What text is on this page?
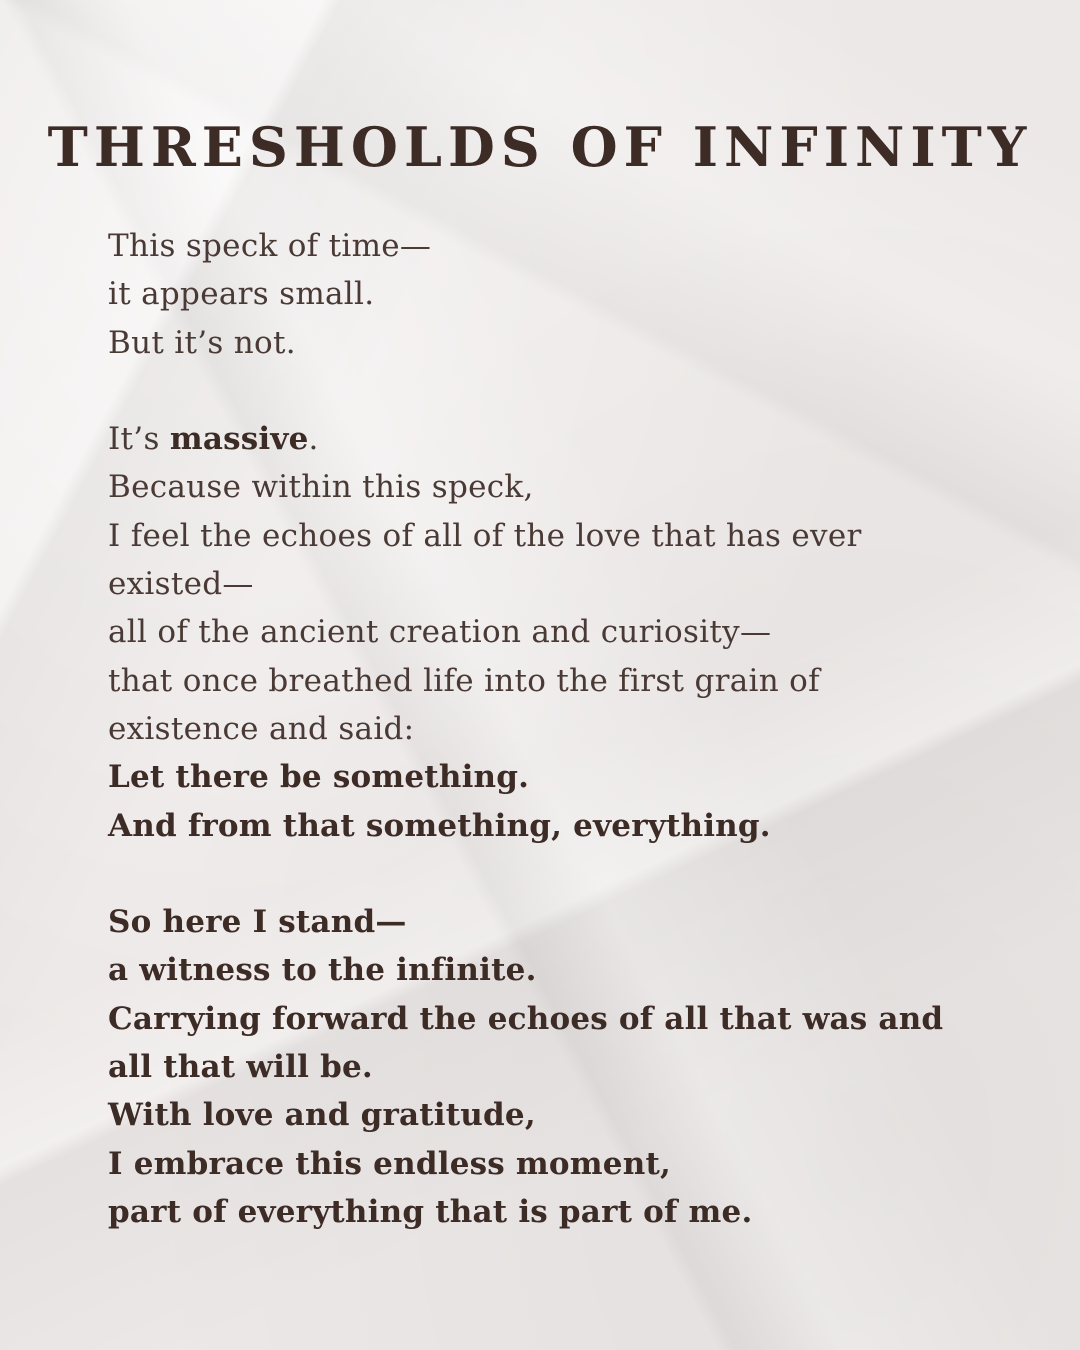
THRESHOLDS OF INFINITY
This speck of time—
it appears small.
But it’s not.
It’s massive.
Because within this speck,
I feel the echoes of all of the love that has ever
existed—
all of the ancient creation and curiosity—
that once breathed life into the first grain of
existence and said:
Let there be something.
And from that something, everything.
So here I stand—
a witness to the infinite.
Carrying forward the echoes of all that was and
all that will be.
With love and gratitude,
I embrace this endless moment,
part of everything that is part of me.
